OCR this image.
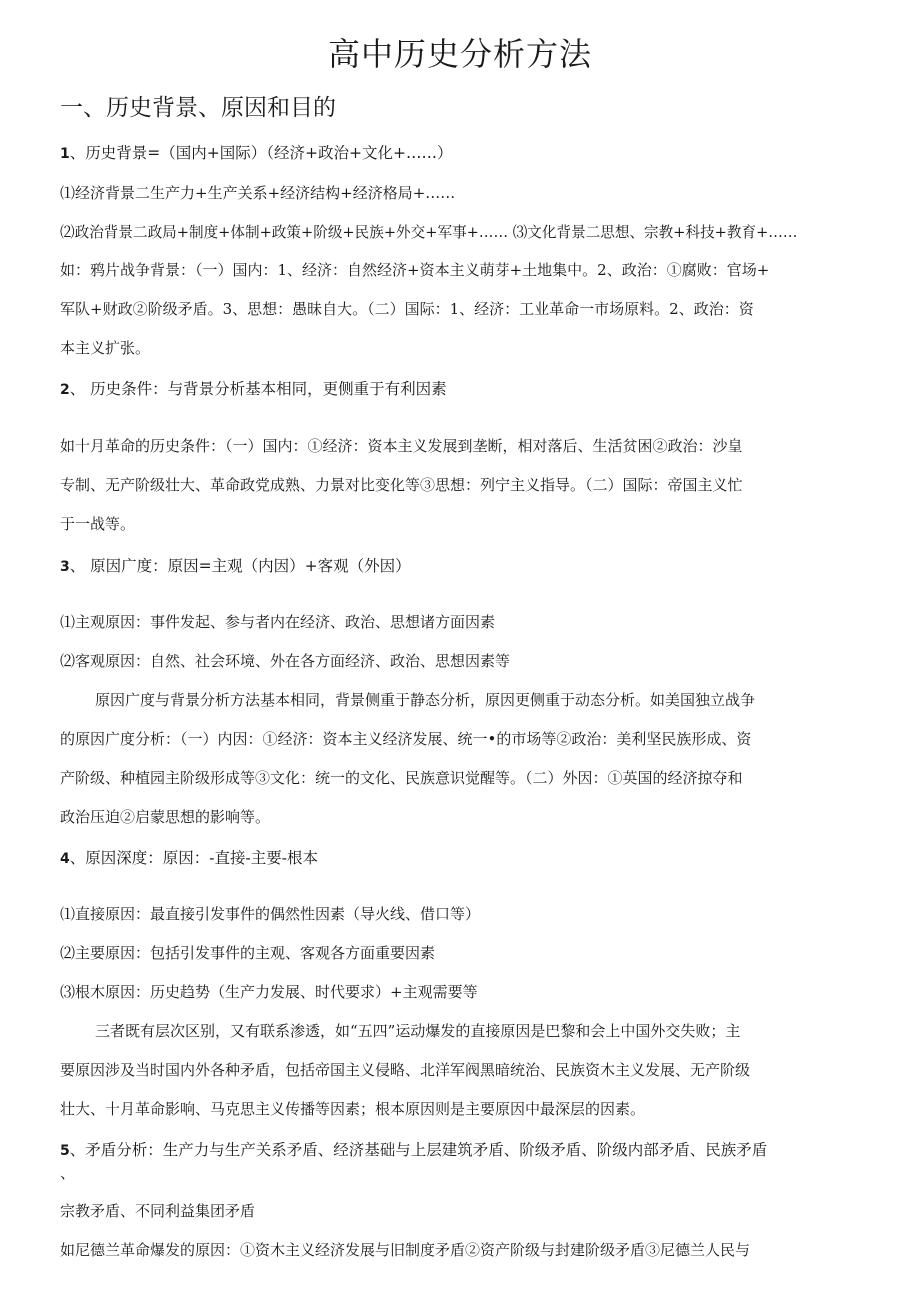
高中历史分析方法
一、历史背景、原因和目的

1、历史背景=（国内+国际）（经济+政治+文化+……）

⑴经济背景二生产力+生产关系+经济结构+经济格局+……

⑵政治背景二政局+制度+体制+政策+阶级+民族+外交+军事+…… ⑶文化背景二思想、宗教+科技+教育+……

如：鸦片战争背景：（一）国内：1、经济：自然经济+资本主义萌芽+土地集中。2、政治：①腐败：官场+

军队+财政②阶级矛盾。3、思想：愚昧自大。（二）国际：1、经济：工业革命一市场原料。2、政治：资

本主义扩张。

2、 历史条件：与背景分析基本相同，更侧重于有利因素

如十月革命的历史条件：（一）国内：①经济：资本主义发展到垄断，相对落后、生活贫困②政治：沙皇

专制、无产阶级壮大、革命政党成熟、力景对比变化等③思想：列宁主义指导。（二）国际：帝国主义忙

于一战等。

3、 原因广度：原因=主观（内因）+客观（外因）

⑴主观原因：事件发起、参与者内在经济、政治、思想诸方面因素

⑵客观原因：自然、社会环境、外在各方面经济、政治、思想因素等

原因广度与背景分析方法基本相同，背景侧重于静态分析，原因更侧重于动态分析。如美国独立战争

的原因广度分析：（一）内因：①经济：资本主义经济发展、统一•的市场等②政治：美利坚民族形成、资

产阶级、种植园主阶级形成等③文化：统一的文化、民族意识觉醒等。（二）外因：①英国的经济掠夺和

政治压迫②启蒙思想的影响等。

4、原因深度：原因：-直接-主要-根本

⑴直接原因：最直接引发事件的偶然性因素（导火线、借口等）

⑵主要原因：包括引发事件的主观、客观各方面重要因素

⑶根木原因：历史趋势（生产力发展、时代要求）+主观需要等

三者既有层次区别，又有联系渗透，如“五四”运动爆发的直接原因是巴黎和会上中国外交失败；主

要原因涉及当时国内外各种矛盾，包括帝国主义侵略、北洋军阀黑暗统治、民族资木主义发展、无产阶级

壮大、十月革命影响、马克思主义传播等因素；根本原因则是主要原因中最深层的因素。

5、矛盾分析：生产力与生产关系矛盾、经济基础与上层建筑矛盾、阶级矛盾、阶级内部矛盾、民族矛盾

、

宗教矛盾、不同利益集团矛盾

如尼德兰革命爆发的原因：①资木主义经济发展与旧制度矛盾②资产阶级与封建阶级矛盾③尼德兰人民与
